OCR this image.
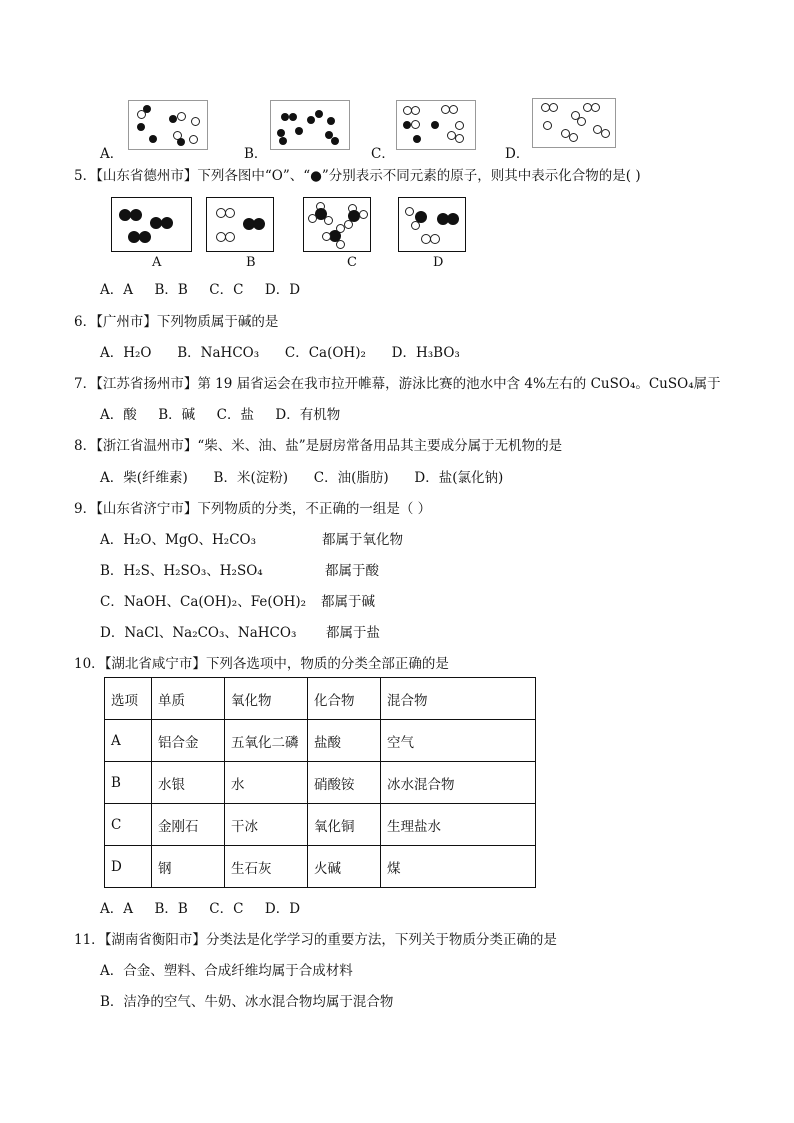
A．	B．	C．	D．
5．【山东省德州市】下列各图中“O”、“●”分别表示不同元素的原子，则其中表示化合物的是( )
A	B	C	D
A．A B．B C．C D．D
6．【广州市】下列物质属于碱的是
A．H₂O B．NaHCO₃ C．Ca(OH)₂ D．H₃BO₃
7．【江苏省扬州市】第 19 届省运会在我市拉开帷幕，游泳比赛的池水中含 4%左右的 CuSO₄。CuSO₄属于
A．酸 B．碱 C．盐 D．有机物
8．【浙江省温州市】“柴、米、油、盐”是厨房常备用品其主要成分属于无机物的是
A．柴(纤维素) B．米(淀粉) C．油(脂肪) D．盐(氯化钠)
9．【山东省济宁市】下列物质的分类，不正确的一组是（ ）
A．H₂O、MgO、H₂CO₃	都属于氧化物
B．H₂S、H₂SO₃、H₂SO₄	都属于酸
C．NaOH、Ca(OH)₂、Fe(OH)₂ 都属于碱
D．NaCl、Na₂CO₃、NaHCO₃ 都属于盐
10．【湖北省咸宁市】下列各选项中，物质的分类全部正确的是
选项	单质	氧化物	化合物	混合物
A	铝合金	五氧化二磷	盐酸	空气
B	水银	水	硝酸铵	冰水混合物
C	金刚石	干冰	氧化铜	生理盐水
D	钢	生石灰	火碱	煤
A．A B．B C．C D．D
11．【湖南省衡阳市】分类法是化学学习的重要方法，下列关于物质分类正确的是
A．合金、塑料、合成纤维均属于合成材料
B．洁净的空气、牛奶、冰水混合物均属于混合物
